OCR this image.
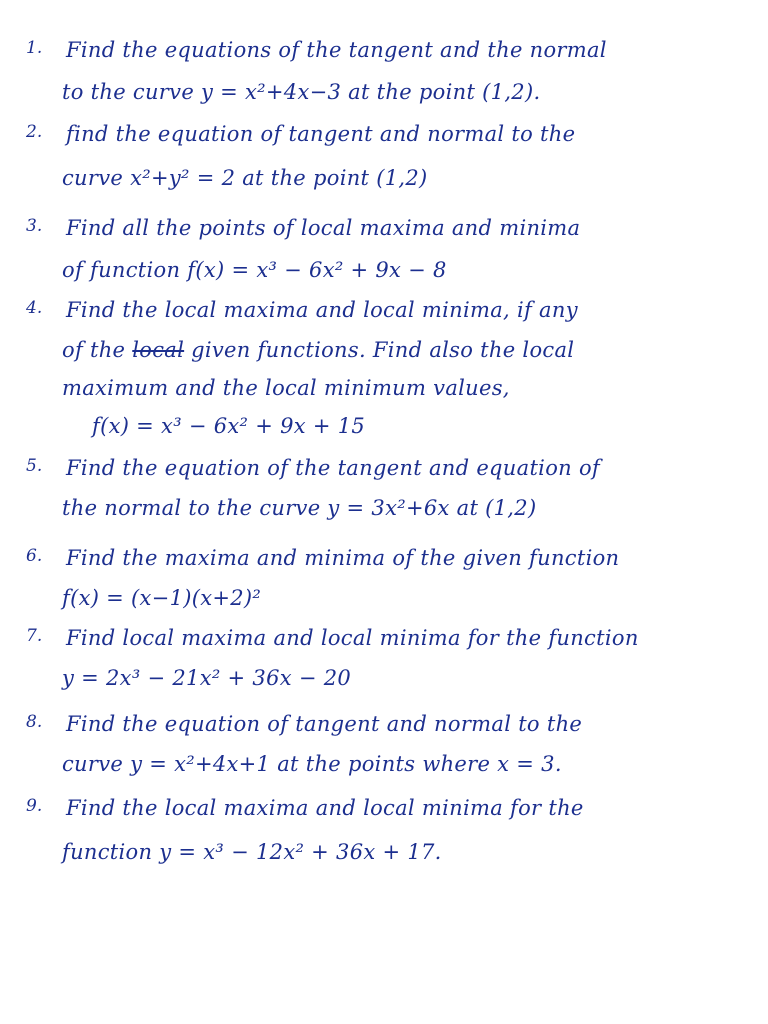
1. Find the equations of the tangent and the normal
to the curve y = x²+4x−3 at the point (1,2).
2. find the equation of tangent and normal to the
curve x²+y² = 2 at the point (1,2)
3. Find all the points of local maxima and minima
of function f(x) = x³ − 6x² + 9x − 8
4. Find the local maxima and local minima, if any
of the local given functions. Find also the local
maximum and the local minimum values,
f(x) = x³ − 6x² + 9x + 15
5. Find the equation of the tangent and equation of
the normal to the curve y = 3x²+6x at (1,2)
6. Find the maxima and minima of the given function
f(x) = (x−1)(x+2)²
7. Find local maxima and local minima for the function
y = 2x³ − 21x² + 36x − 20
8. Find the equation of tangent and normal to the
curve y = x²+4x+1 at the points where x = 3.
9. Find the local maxima and local minima for the
function y = x³ − 12x² + 36x + 17.
